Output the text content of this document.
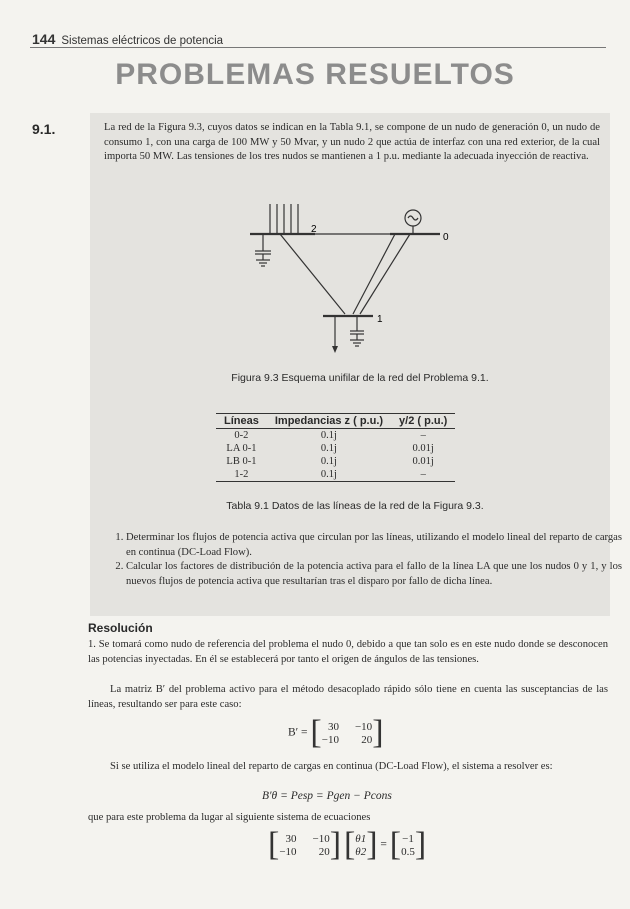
144 Sistemas eléctricos de potencia
PROBLEMAS RESUELTOS
9.1.	La red de la Figura 9.3, cuyos datos se indican en la Tabla 9.1, se compone de un nudo de generación 0, un nudo de consumo 1, con una carga de 100 MW y 50 Mvar, y un nudo 2 que actúa de interfaz con una red exterior, de la cual importa 50 MW. Las tensiones de los tres nudos se mantienen a 1 p.u. mediante la adecuada inyección de reactiva.
2
0
1
Figura 9.3 Esquema unifilar de la red del Problema 9.1.
Líneas	Impedancias z ( p.u.)	y/2 ( p.u.)
0-2	0.1j	–
LA 0-1	0.1j	0.01j
LB 0-1	0.1j	0.01j
1-2	0.1j	–
Tabla 9.1 Datos de las líneas de la red de la Figura 9.3.
1. Determinar los flujos de potencia activa que circulan por las líneas, utilizando el modelo lineal del reparto de cargas en continua (DC-Load Flow).
2. Calcular los factores de distribución de la potencia activa para el fallo de la línea LA que une los nudos 0 y 1, y los nuevos flujos de potencia activa que resultarían tras el disparo por fallo de dicha línea.
Resolución
1. Se tomará como nudo de referencia del problema el nudo 0, debido a que tan solo es en este nudo donde se desconocen las potencias inyectadas. En él se establecerá por tanto el origen de ángulos de las tensiones.
La matriz B′ del problema activo para el método desacoplado rápido sólo tiene en cuenta las susceptancias de las líneas, resultando ser para este caso:
B′ = [ 30 −10
−10	20 ]
Si se utiliza el modelo lineal del reparto de cargas en continua (DC-Load Flow), el sistema a resolver es:
B′θ = Pesp = Pgen − Pcons
que para este problema da lugar al siguiente sistema de ecuaciones
[ 30 −10
−10	20 ]
[ θ1
θ2 ] = [ −1
0.5 ]
